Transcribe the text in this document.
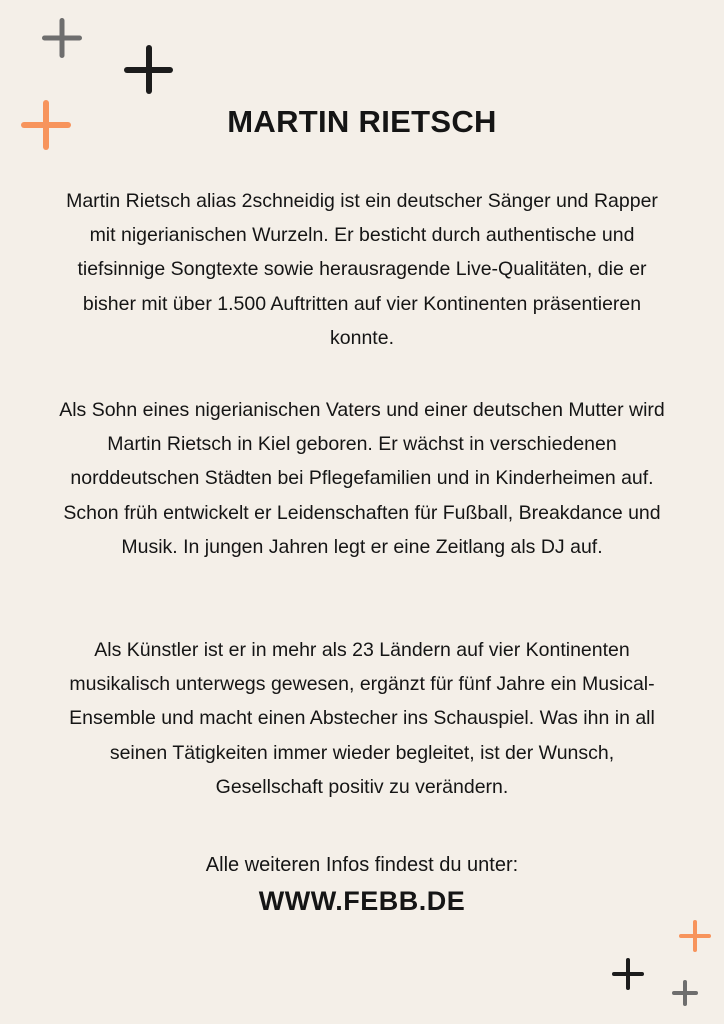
MARTIN RIETSCH

Martin Rietsch alias 2schneidig ist ein deutscher Sänger und Rapper mit nigerianischen Wurzeln. Er besticht durch authentische und tiefsinnige Songtexte sowie herausragende Live-Qualitäten, die er bisher mit über 1.500 Auftritten auf vier Kontinenten präsentieren konnte.

Als Sohn eines nigerianischen Vaters und einer deutschen Mutter wird Martin Rietsch in Kiel geboren. Er wächst in verschiedenen norddeutschen Städten bei Pflegefamilien und in Kinderheimen auf. Schon früh entwickelt er Leidenschaften für Fußball, Breakdance und Musik. In jungen Jahren legt er eine Zeitlang als DJ auf.

Als Künstler ist er in mehr als 23 Ländern auf vier Kontinenten musikalisch unterwegs gewesen, ergänzt für fünf Jahre ein Musical-Ensemble und macht einen Abstecher ins Schauspiel. Was ihn in all seinen Tätigkeiten immer wieder begleitet, ist der Wunsch, Gesellschaft positiv zu verändern.

Alle weiteren Infos findest du unter:

WWW.FEBB.DE
